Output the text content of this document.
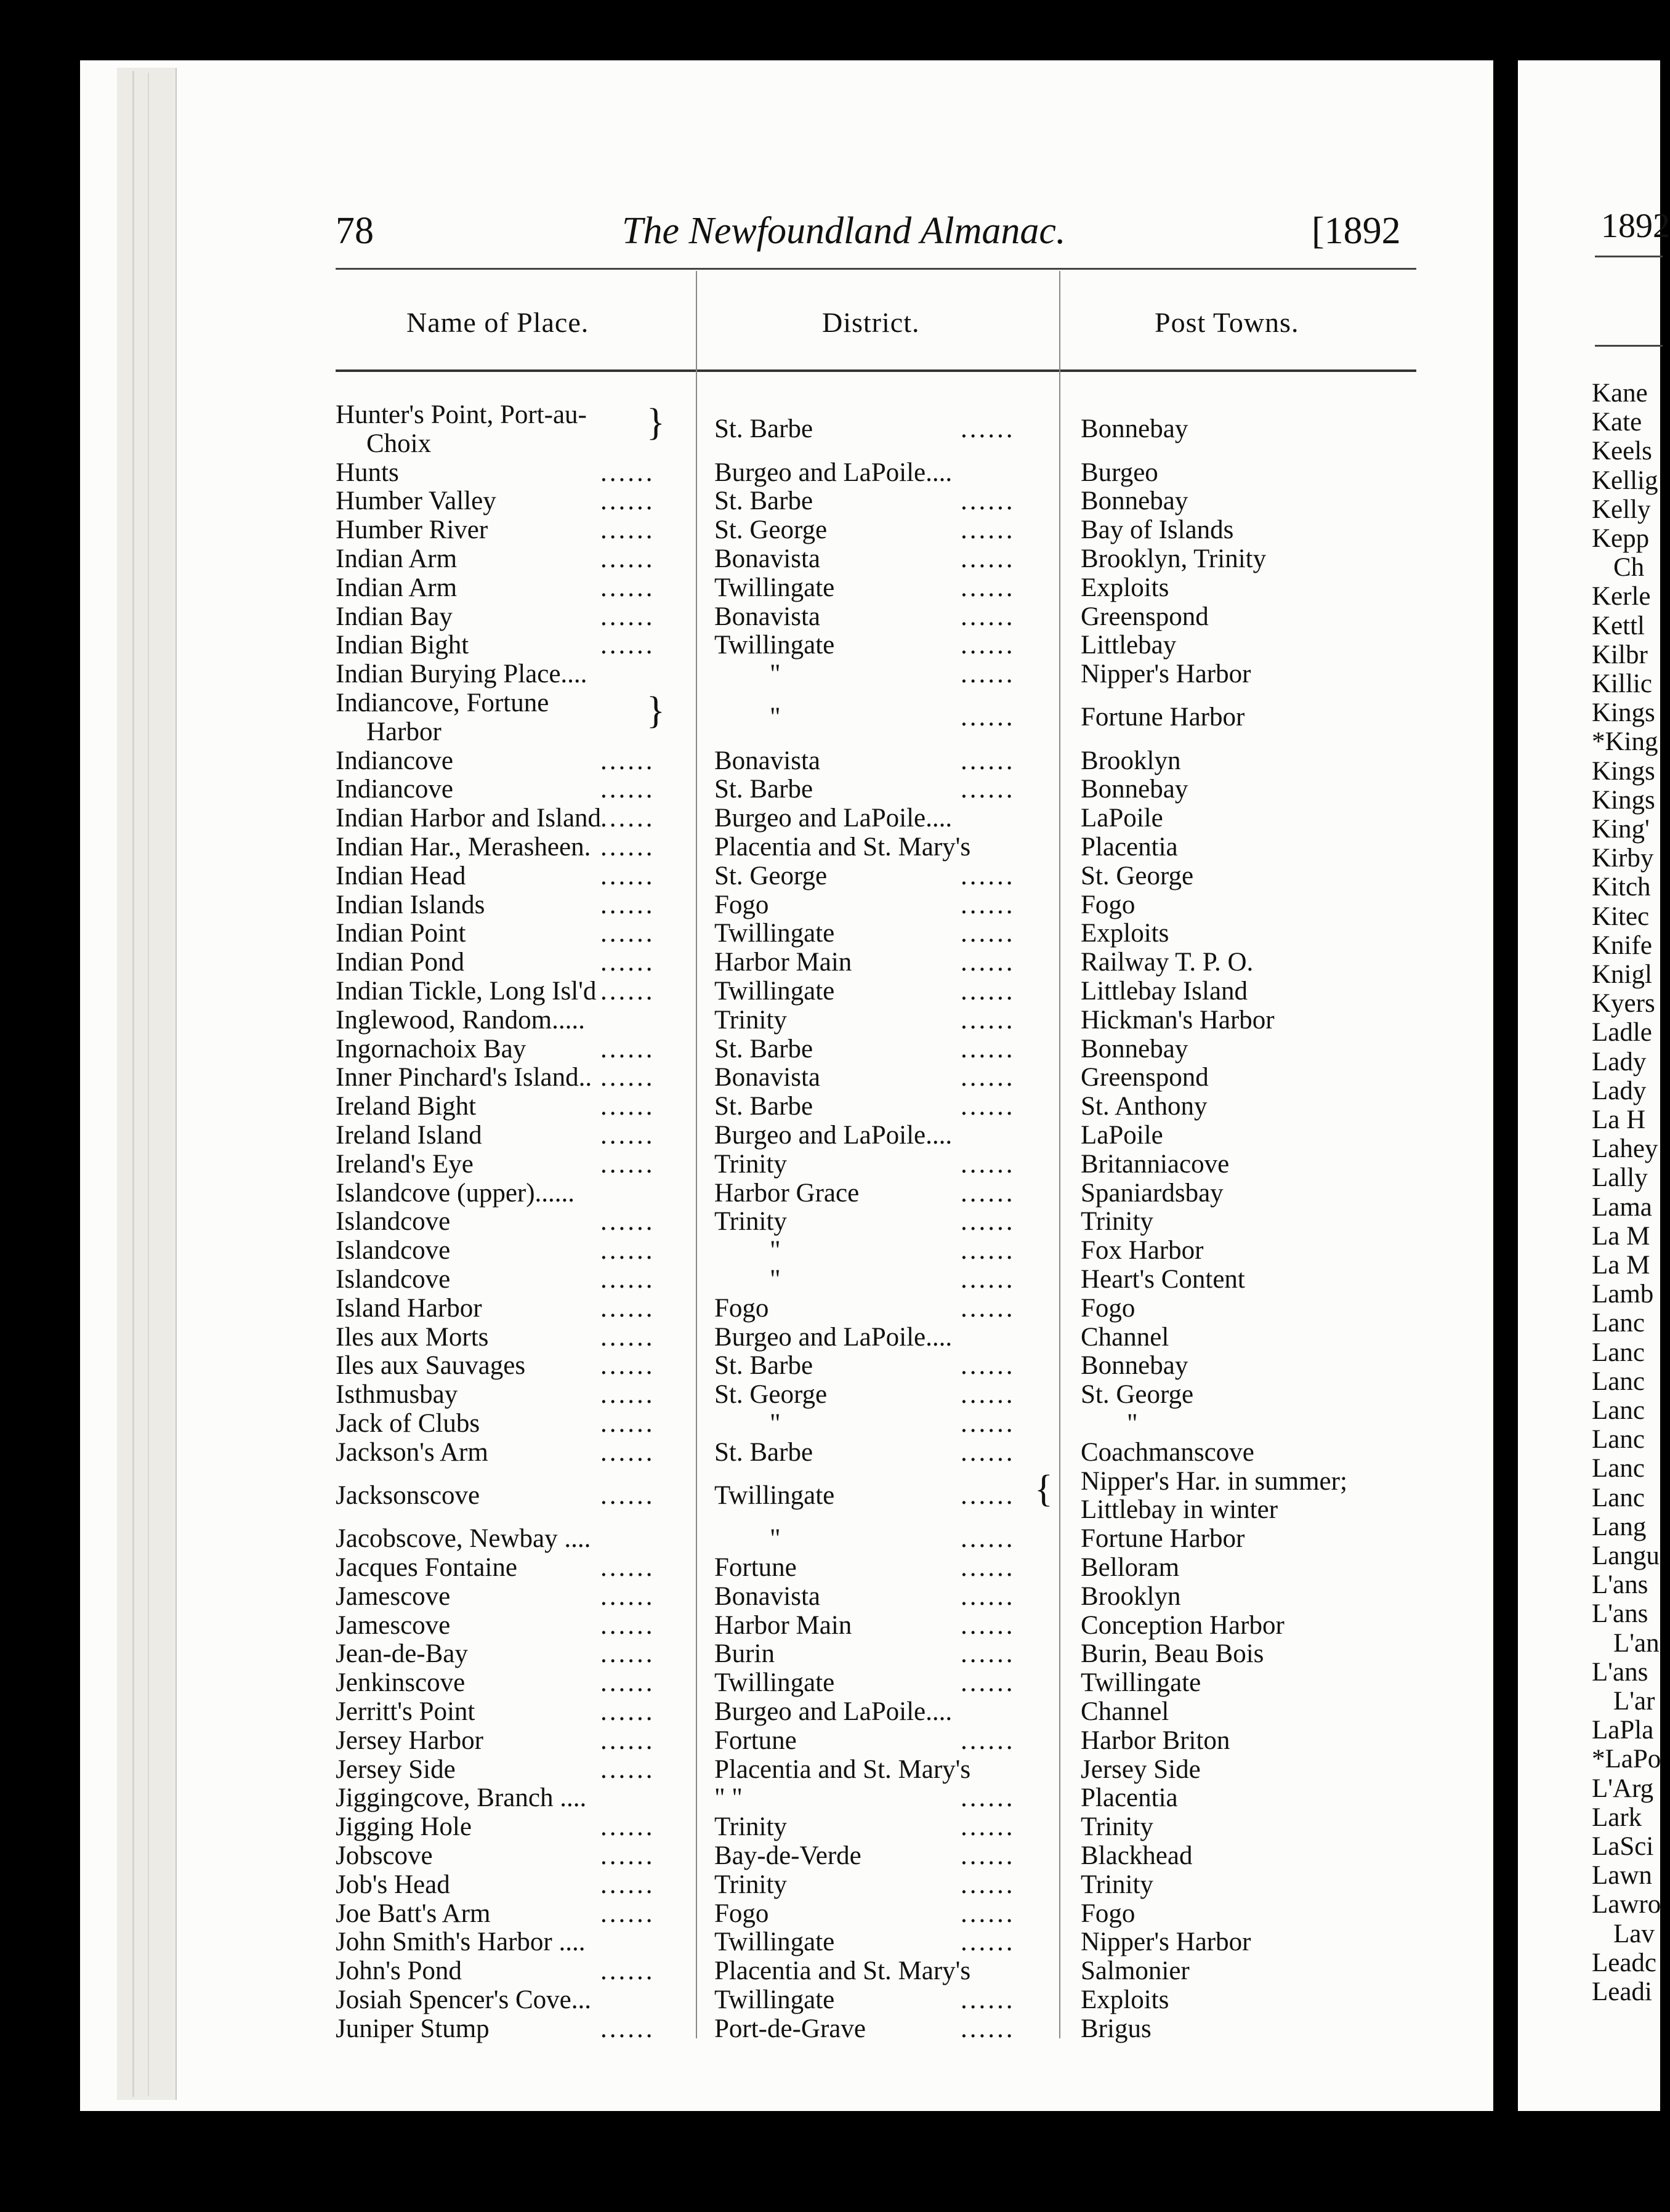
78	The Newfoundland Almanac.	[1892
Name of Place.	District.	Post Towns.
Hunter's Point, Port-au-
Choix	} St. Barbe	...... Bonnebay
Hunts	...... Burgeo and LaPoile....	Burgeo
Humber Valley	...... St. Barbe	...... Bonnebay
Humber River	...... St. George	...... Bay of Islands
Indian Arm	...... Bonavista	...... Brooklyn, Trinity
Indian Arm	...... Twillingate	...... Exploits
Indian Bay	...... Bonavista	...... Greenspond
Indian Bight	...... Twillingate	...... Littlebay
Indian Burying Place....	"	...... Nipper's Harbor
Indiancove, Fortune
Harbor	}	"	...... Fortune Harbor
Indiancove	...... Bonavista	...... Brooklyn
Indiancove	...... St. Barbe	...... Bonnebay
Indian Harbor and Island
...... Burgeo and LaPoile....	LaPoile
Indian Har., Merasheen. ...... Placentia and St. Mary's	Placentia
Indian Head	...... St. George	...... St. George
Indian Islands	...... Fogo	...... Fogo
Indian Point	...... Twillingate	...... Exploits
Indian Pond	...... Harbor Main	...... Railway T. P. O.
Indian Tickle, Long Isl'd ...... Twillingate	...... Littlebay Island
Inglewood, Random.....	Trinity	...... Hickman's Harbor
Ingornachoix Bay	...... St. Barbe	...... Bonnebay
Inner Pinchard's Island.. ...... Bonavista	...... Greenspond
Ireland Bight	...... St. Barbe	...... St. Anthony
Ireland Island	...... Burgeo and LaPoile....	LaPoile
Ireland's Eye	...... Trinity	...... Britanniacove
Islandcove (upper)......	Harbor Grace	...... Spaniardsbay
Islandcove	...... Trinity	...... Trinity
Islandcove	......	"	...... Fox Harbor
Islandcove	......	"	...... Heart's Content
Island Harbor	...... Fogo	...... Fogo
Iles aux Morts	...... Burgeo and LaPoile....	Channel
Iles aux Sauvages	...... St. Barbe	...... Bonnebay
Isthmusbay	...... St. George	...... St. George
Jack of Clubs	......	"	......	"
Jackson's Arm	...... St. Barbe	...... Coachmanscove
Jacksonscove	...... Twillingate	...... Nipper's Har. in summer;
Littlebay in winter
{
Jacobscove, Newbay ....	"	...... Fortune Harbor
Jacques Fontaine	...... Fortune	...... Belloram
Jamescove	...... Bonavista	...... Brooklyn
Jamescove	...... Harbor Main	...... Conception Harbor
Jean-de-Bay	...... Burin	...... Burin, Beau Bois
Jenkinscove	...... Twillingate	...... Twillingate
Jerritt's Point	...... Burgeo and LaPoile....	Channel
Jersey Harbor	...... Fortune	...... Harbor Briton
Jersey Side	...... Placentia and St. Mary's	Jersey Side
Jiggingcove, Branch ....	" "	...... Placentia
Jigging Hole	...... Trinity	...... Trinity
Jobscove	...... Bay-de-Verde	...... Blackhead
Job's Head	...... Trinity	...... Trinity
Joe Batt's Arm	...... Fogo	...... Fogo
John Smith's Harbor ....	Twillingate	...... Nipper's Harbor
John's Pond	...... Placentia and St. Mary's	Salmonier
Josiah Spencer's Cove...	Twillingate	...... Exploits
Juniper Stump	...... Port-de-Grave	...... Brigus
1892
Kane
Kate
Keels
Kellig
Kelly
Kepp
Ch
Kerle
Kettl
Kilbr
Killic
Kings
*King
Kings
Kings
King'
Kirby
Kitch
Kitec
Knife
Knigl
Kyers
Ladle
Lady
Lady
La H
Lahey
Lally
Lama
La M
La M
Lamb
Lanc
Lanc
Lanc
Lanc
Lanc
Lanc
Lanc
Lang
Langu
L'ans
L'ans
L'an
L'ans
L'ar
LaPla
*LaPo
L'Arg
Lark
LaSci
Lawn
Lawro
Lav
Leadc
Leadi
